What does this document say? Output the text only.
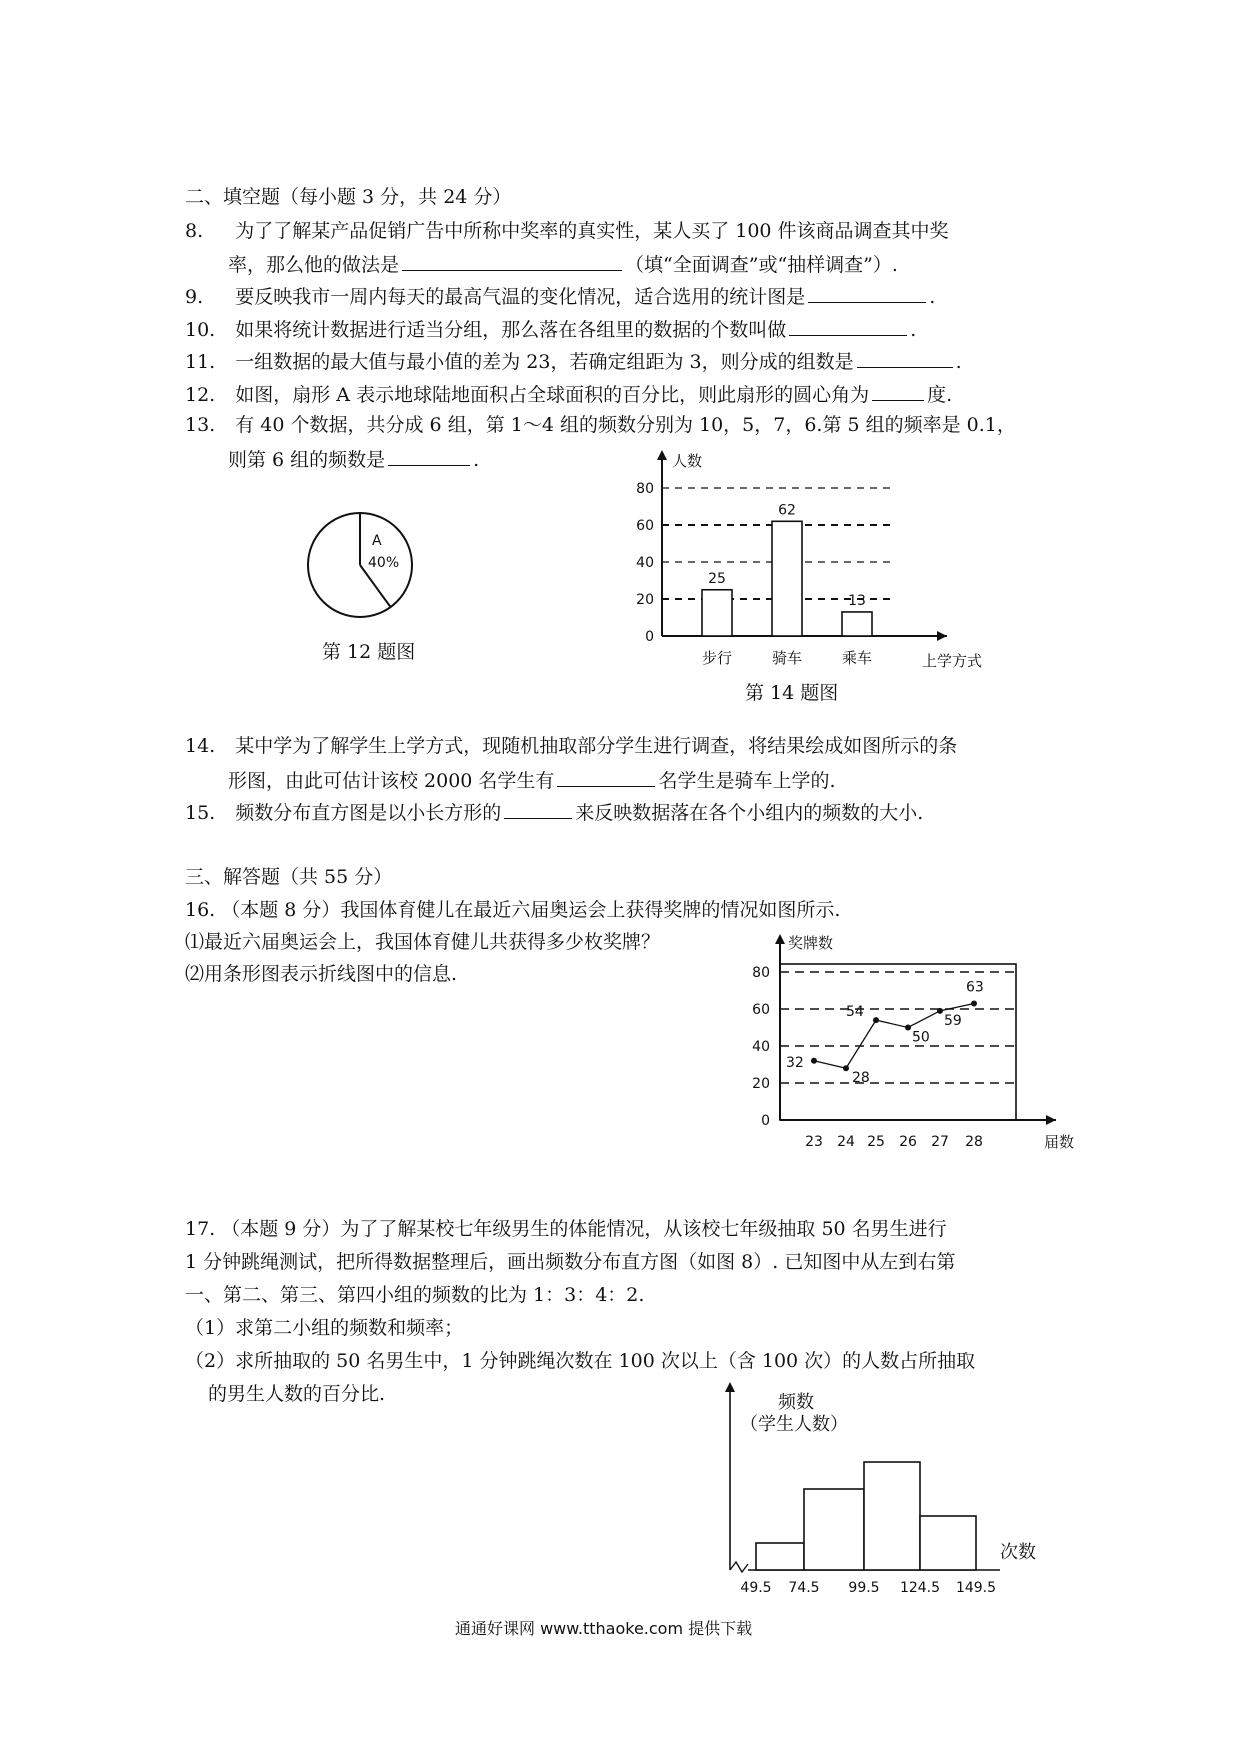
二、填空题（每小题 3 分，共 24 分）
8. 为了了解某产品促销广告中所称中奖率的真实性，某人买了 100 件该商品调查其中奖
率，那么他的做法是	（填“全面调查”或“抽样调查”）.
9. 要反映我市一周内每天的最高气温的变化情况，适合选用的统计图是	.
10. 如果将统计数据进行适当分组，那么落在各组里的数据的个数叫做	.
11. 一组数据的最大值与最小值的差为 23，若确定组距为 3，则分成的组数是	.
12. 如图，扇形 A 表示地球陆地面积占全球面积的百分比，则此扇形的圆心角为	度.
13. 有 40 个数据，共分成 6 组，第 1～4 组的频数分别为 10，5，7，6.第 5 组的频率是 0.1，
则第 6 组的频数是	.
A
40%
第 12 题图
0
20
40
60
80
人数
上学方式
25
步行
62
骑车
13
乘车
第 14 题图
14. 某中学为了解学生上学方式，现随机抽取部分学生进行调查，将结果绘成如图所示的条
形图，由此可估计该校 2000 名学生有	名学生是骑车上学的.
15. 频数分布直方图是以小长方形的	来反映数据落在各个小组内的频数的大小.
三、解答题（共 55 分）
16. （本题 8 分）我国体育健儿在最近六届奥运会上获得奖牌的情况如图所示.
⑴最近六届奥运会上，我国体育健儿共获得多少枚奖牌？
⑵用条形图表示折线图中的信息.
0
20
40
60
80
奖牌数
届数
32
23
28
24
54
25
50
26
59
27
63
28
17. （本题 9 分）为了了解某校七年级男生的体能情况，从该校七年级抽取 50 名男生进行
1 分钟跳绳测试，把所得数据整理后，画出频数分布直方图（如图 8）. 已知图中从左到右第
一、第二、第三、第四小组的频数的比为 1：3：4：2.
（1）求第二小组的频数和频率；
（2）求所抽取的 50 名男生中，1 分钟跳绳次数在 100 次以上（含 100 次）的人数占所抽取
的男生人数的百分比.	频数
（学生人数）
次数
49.5 74.5 99.5 124.5 149.5
通通好课网 www.tthaoke.com 提供下载
